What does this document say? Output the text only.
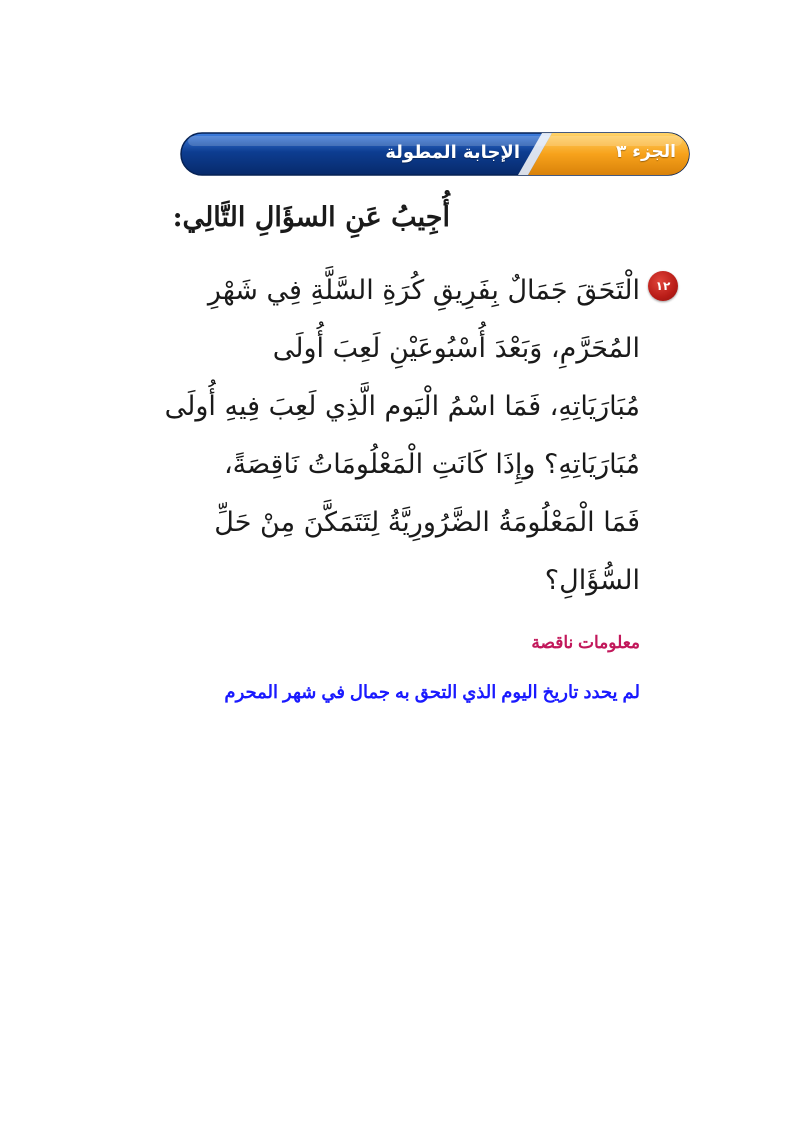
الجزء ٣
الإجابة المطولة
أُجِيبُ عَنِ السؤَالِ التَّالِي:
١٢
الْتَحَقَ جَمَالٌ بِفَرِيقِ كُرَةِ السَّلَّةِ فِي شَهْرِ
المُحَرَّمِ، وَبَعْدَ أُسْبُوعَيْنِ لَعِبَ أُولَى
مُبَارَيَاتِهِ، فَمَا اسْمُ الْيَوم الَّذِي لَعِبَ فِيهِ أُولَى
مُبَارَيَاتِهِ؟ وإِذَا كَانَتِ الْمَعْلُومَاتُ نَاقِصَةً،
فَمَا الْمَعْلُومَةُ الضَّرُورِيَّةُ لِتَتَمَكَّنَ مِنْ حَلِّ
السُّؤَالِ؟
معلومات ناقصة
لم يحدد تاريخ اليوم الذي التحق به جمال في شهر المحرم
